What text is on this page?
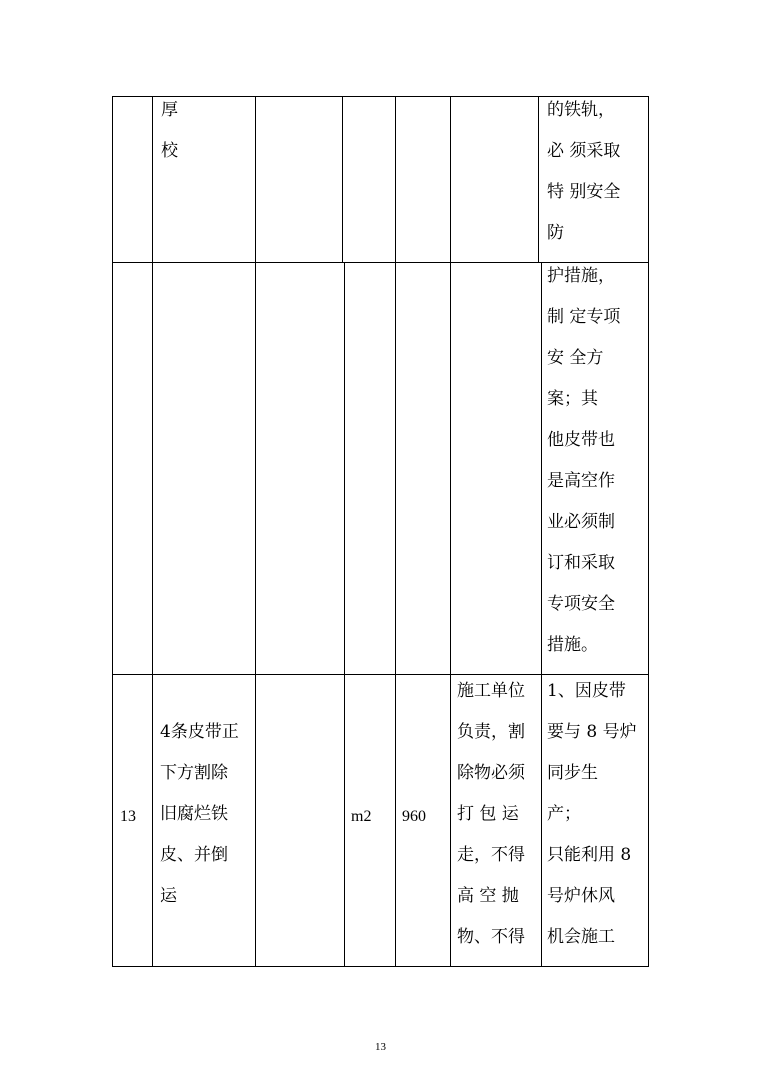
厚
校
的铁轨，
必 须采取
特 别安全
防
护措施，
制 定专项
安 全方
案；其
他皮带也
是高空作
业必须制
订和采取
专项安全
措施。
13
4条皮带正
下方割除
旧腐烂铁
皮、并倒
运
m2 960
施工单位
负责，割
除物必须
打 包 运
走，不得
高 空 抛
物、不得
1、因皮带
要与 8 号炉
同步生
产；
只能利用 8
号炉休风
机会施工
13
